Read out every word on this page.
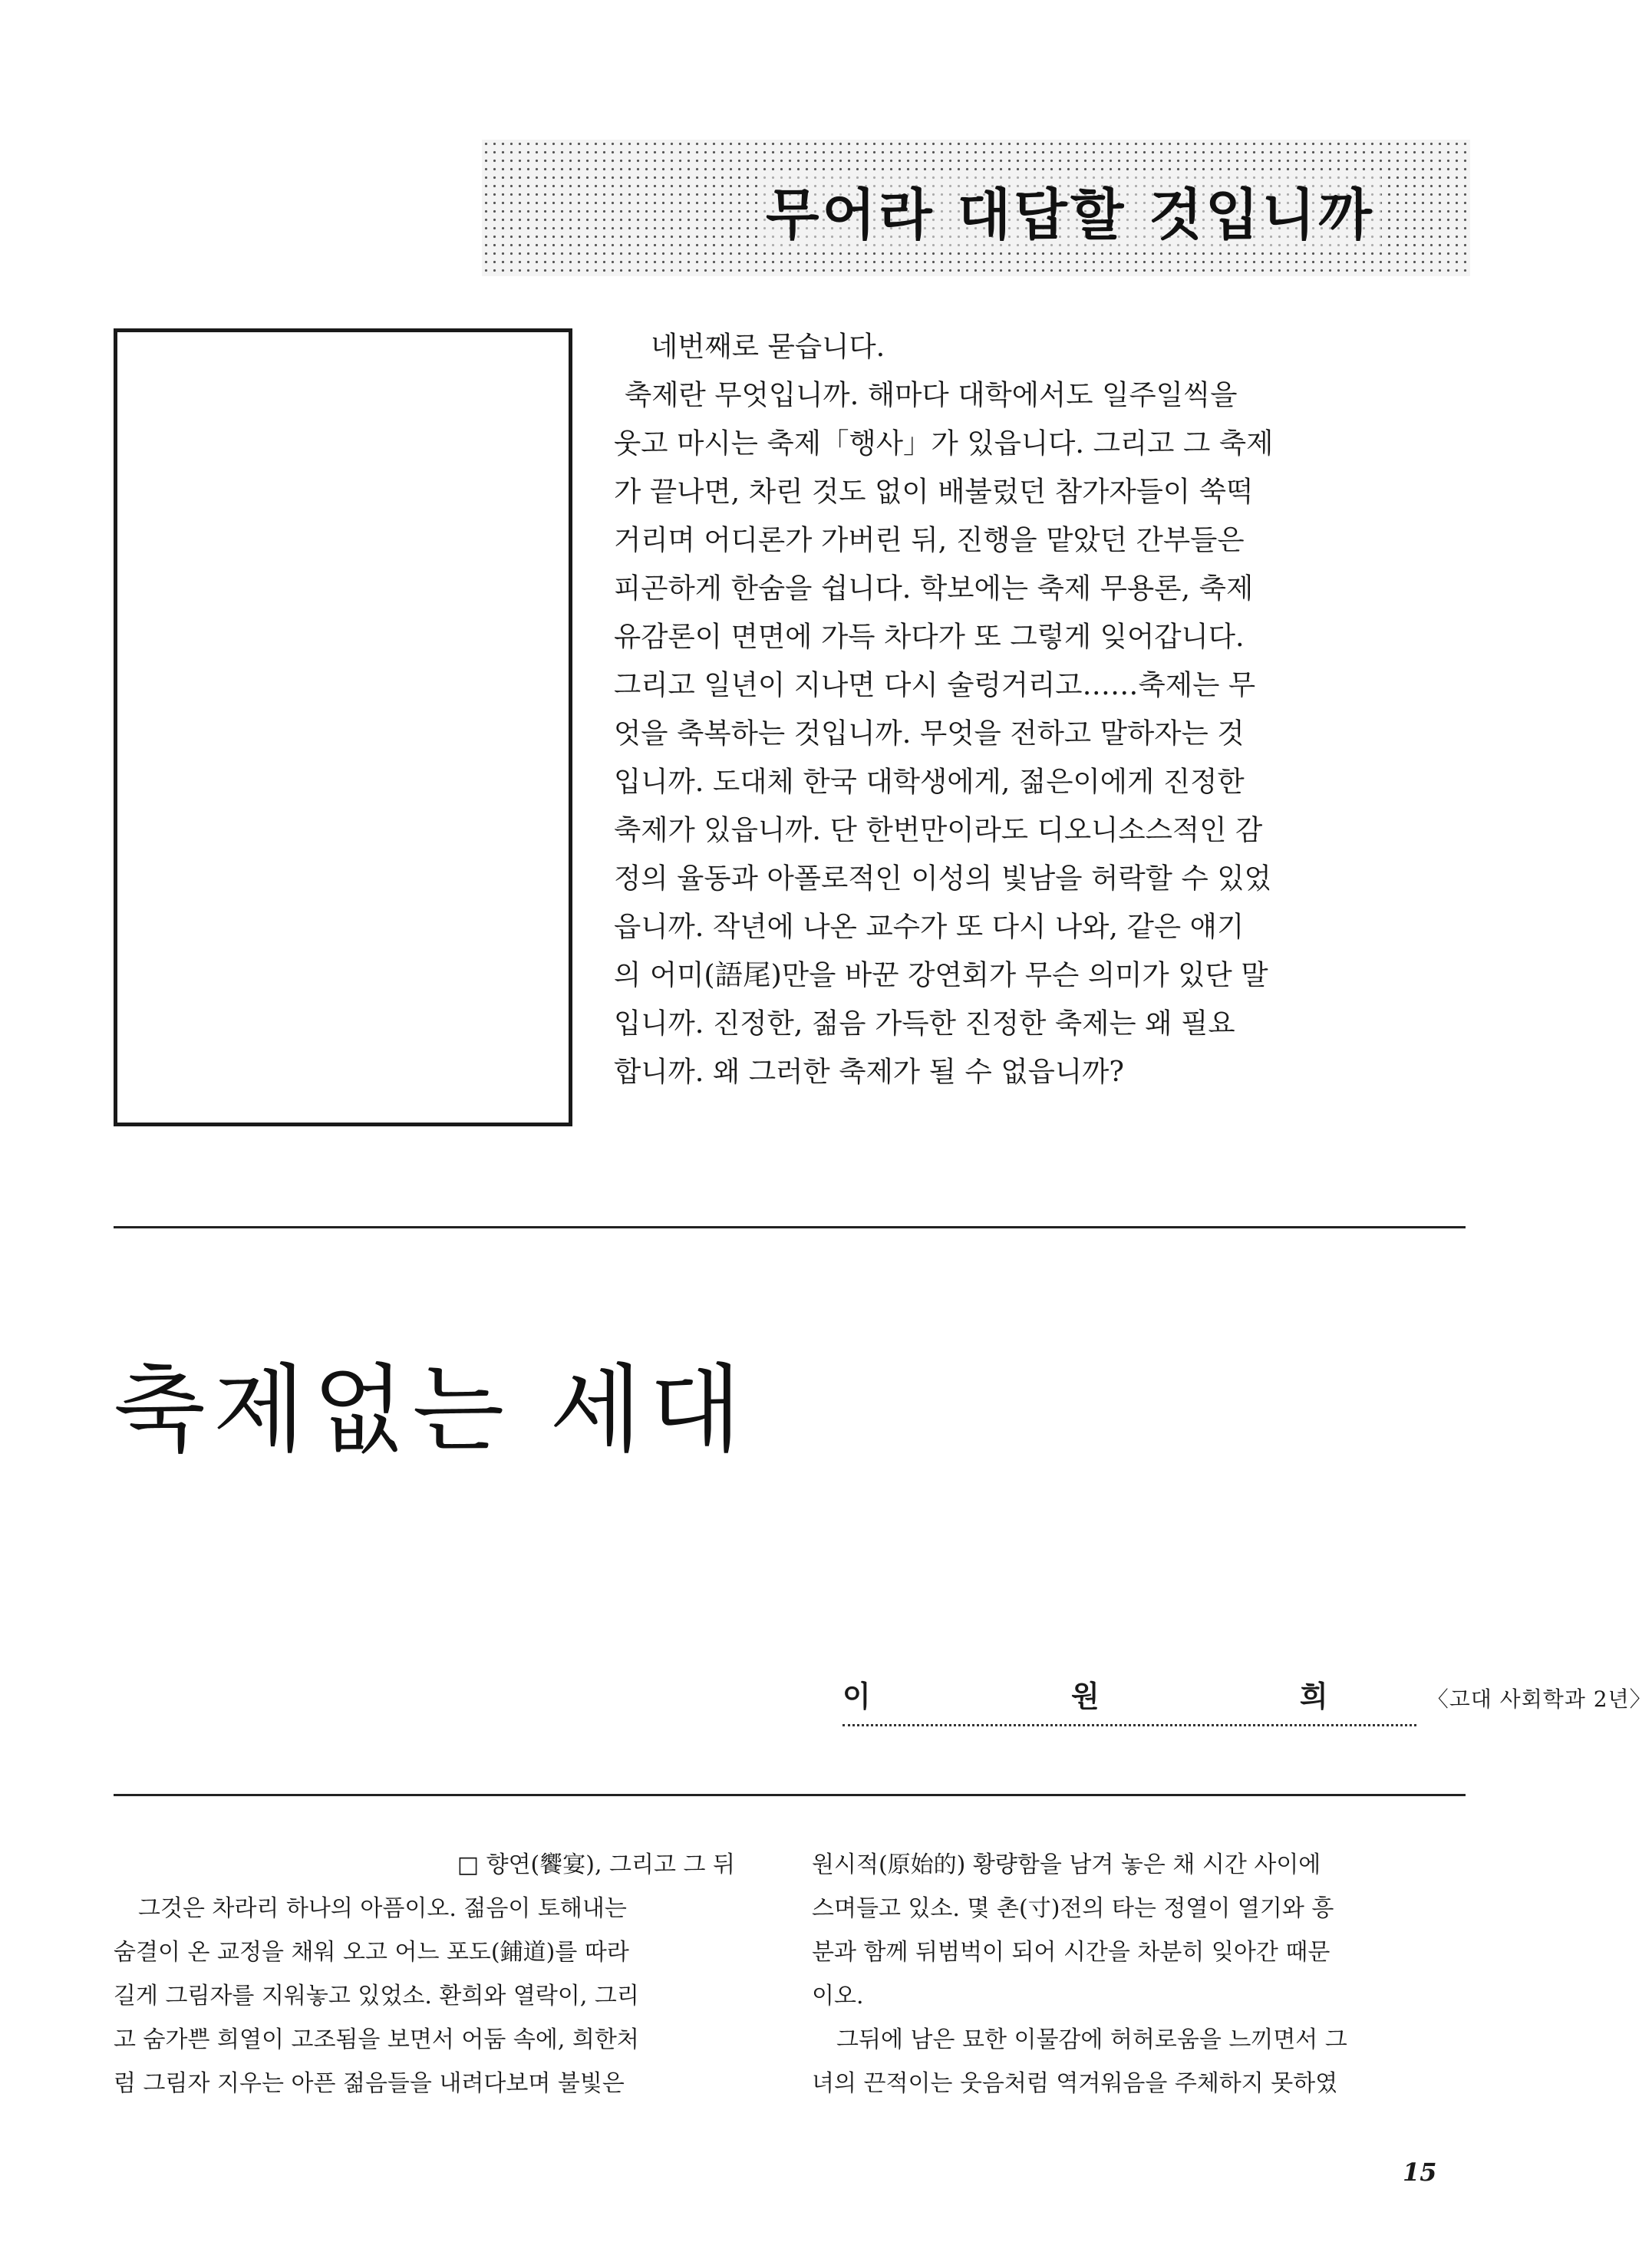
무어라 대답할 것입니까
네번째로 묻습니다.
축제란 무엇입니까. 해마다 대학에서도 일주일씩을
웃고 마시는 축제「행사」가 있읍니다. 그리고 그 축제
가 끝나면, 차린 것도 없이 배불렀던 참가자들이 쑥떡
거리며 어디론가 가버린 뒤, 진행을 맡았던 간부들은
피곤하게 한숨을 쉽니다. 학보에는 축제 무용론, 축제
유감론이 면면에 가득 차다가 또 그렇게 잊어갑니다.
그리고 일년이 지나면 다시 술렁거리고……축제는 무
엇을 축복하는 것입니까. 무엇을 전하고 말하자는 것
입니까. 도대체 한국 대학생에게, 젊은이에게 진정한
축제가 있읍니까. 단 한번만이라도 디오니소스적인 감
정의 율동과 아폴로적인 이성의 빛남을 허락할 수 있었
읍니까. 작년에 나온 교수가 또 다시 나와, 같은 얘기
의 어미(語尾)만을 바꾼 강연회가 무슨 의미가 있단 말
입니까. 진정한, 젊음 가득한 진정한 축제는 왜 필요
합니까. 왜 그러한 축제가 될 수 없읍니까?
축제없는 세대
이 원 희 〈고대 사회학과 2년〉
□ 향연(饗宴), 그리고 그 뒤
그것은 차라리 하나의 아픔이오. 젊음이 토해내는
숨결이 온 교정을 채워 오고 어느 포도(鋪道)를 따라
길게 그림자를 지워놓고 있었소. 환희와 열락이, 그리
고 숨가쁜 희열이 고조됨을 보면서 어둠 속에, 희한처
럼 그림자 지우는 아픈 젊음들을 내려다보며 불빛은
원시적(原始的) 황량함을 남겨 놓은 채 시간 사이에
스며들고 있소. 몇 촌(寸)전의 타는 정열이 열기와 흥
분과 함께 뒤범벅이 되어 시간을 차분히 잊아간 때문
이오.
그뒤에 남은 묘한 이물감에 허허로움을 느끼면서 그
녀의 끈적이는 웃음처럼 역겨워음을 주체하지 못하였
15
